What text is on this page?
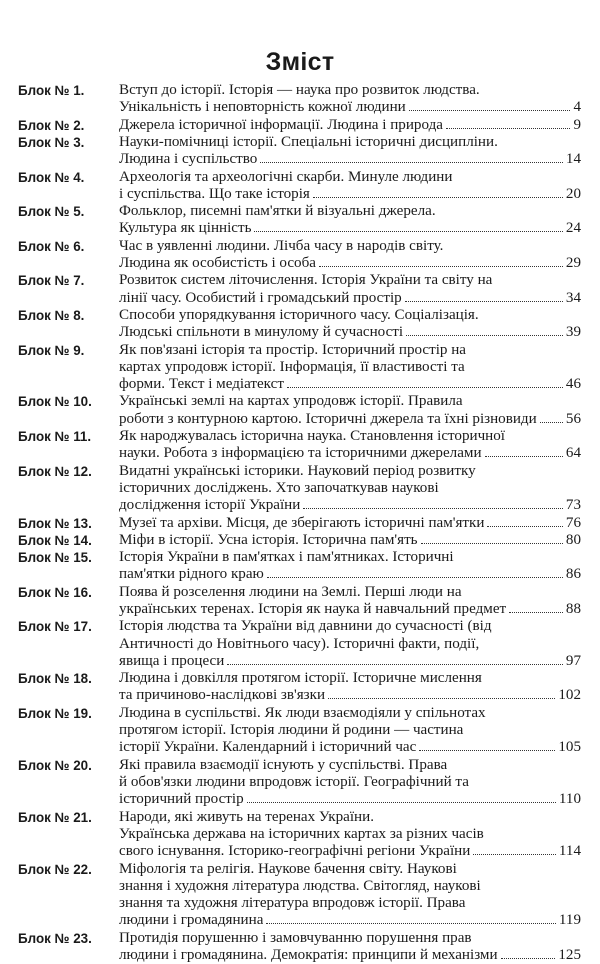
Зміст
Блок № 1. Вступ до історії. Історія — наука про розвиток людства.
Унікальність і неповторність кожної людини	4
Блок № 2. Джерела історичної інформації. Людина і природа	9
Блок № 3. Науки-помічниці історії. Спеціальні історичні дисципліни.
Людина і суспільство	14
Блок № 4. Археологія та археологічні скарби. Минуле людини
і суспільства. Що таке історія	20
Блок № 5. Фольклор, писемні пам'ятки й візуальні джерела.
Культура як цінність	24
Блок № 6. Час в уявленні людини. Лічба часу в народів світу.
Людина як особистість і особа	29
Блок № 7. Розвиток систем літочислення. Історія України та світу на
лінії часу. Особистий і громадський простір	34
Блок № 8. Способи упорядкування історичного часу. Соціалізація.
Людські спільноти в минулому й сучасності	39
Блок № 9. Як пов'язані історія та простір. Історичний простір на
картах упродовж історії. Інформація, її властивості та
форми. Текст і медіатекст	46
Блок № 10. Українські землі на картах упродовж історії. Правила
роботи з контурною картою. Історичні джерела та їхні різновиди 56
Блок № 11. Як народжувалась історична наука. Становлення історичної
науки. Робота з інформацією та історичними джерелами	64
Блок № 12. Видатні українські історики. Науковий період розвитку
історичних досліджень. Хто започаткував наукові
дослідження історії України	73
Блок № 13. Музеї та архіви. Місця, де зберігають історичні пам'ятки	76
Блок № 14. Міфи в історії. Усна історія. Історична пам'ять	80
Блок № 15. Історія України в пам'ятках і пам'ятниках. Історичні
пам'ятки рідного краю	86
Блок № 16. Поява й розселення людини на Землі. Перші люди на
українських теренах. Історія як наука й навчальний предмет	88
Блок № 17. Історія людства та України від давнини до сучасності (від
Античності до Новітнього часу). Історичні факти, події,
явища і процеси	97
Блок № 18. Людина і довкілля протягом історії. Історичне мислення
та причиново-наслідкові зв'язки	102
Блок № 19. Людина в суспільстві. Як люди взаємодіяли у спільнотах
протягом історії. Історія людини й родини — частина
історії України. Календарний і історичний час	105
Блок № 20. Які правила взаємодії існують у суспільстві. Права
й обов'язки людини впродовж історії. Географічний та
історичний простір	110
Блок № 21. Народи, які живуть на теренах України.
Українська держава на історичних картах за різних часів
свого існування. Історико-географічні регіони України	114
Блок № 22. Міфологія та релігія. Наукове бачення світу. Наукові
знання і художня література людства. Світогляд, наукові
знання та художня література впродовж історії. Права
людини і громадянина	119
Блок № 23. Протидія порушенню і замовчуванню порушення прав
людини і громадянина. Демократія: принципи й механізми	125
